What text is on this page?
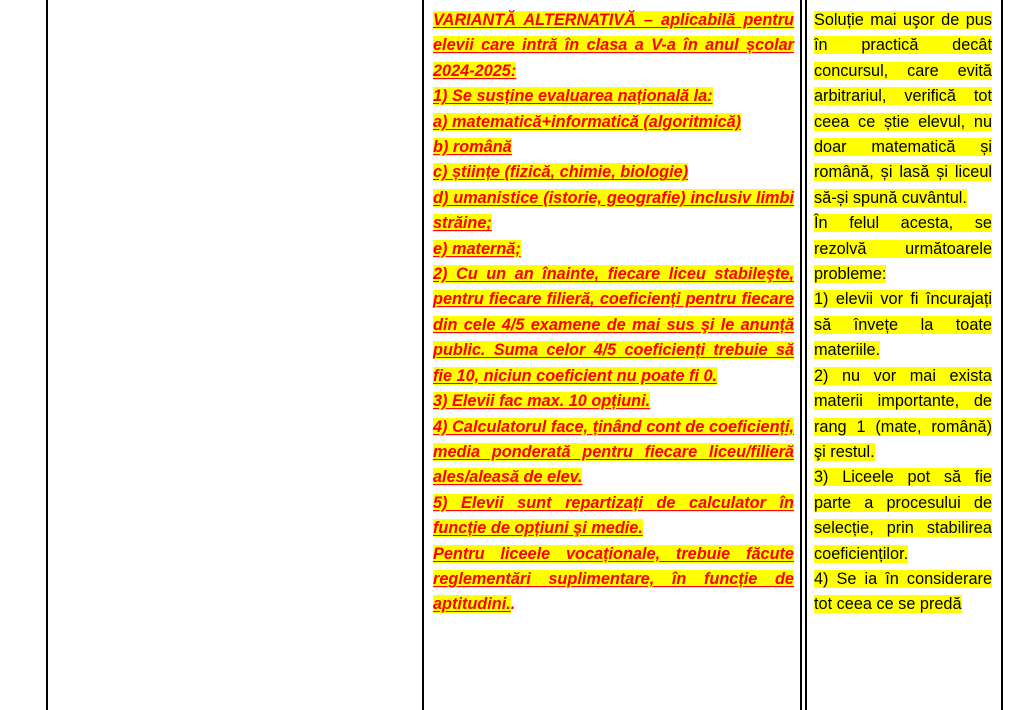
VARIANTĂ ALTERNATIVĂ – aplicabilă pentru elevii care intră în clasa a V-a în anul școlar 2024-2025:

1) Se susține evaluarea națională la:

a) matematică+informatică (algoritmică)

b) română

c) științe (fizică, chimie, biologie)

d) umanistice (istorie, geografie) inclusiv limbi străine;

e) maternă;

2) Cu un an înainte, fiecare liceu stabileşte, pentru fiecare filieră, coeficienți pentru fiecare din cele 4/5 examene de mai sus şi le anunță public. Suma celor 4/5 coeficienți trebuie să fie 10, niciun coeficient nu poate fi 0.

3) Elevii fac max. 10 opțiuni.

4) Calculatorul face, ținând cont de coeficienți, media ponderată pentru fiecare liceu/filieră ales/aleasă de elev.

5) Elevii sunt repartizați de calculator în funcție de opțiuni şi medie.

Pentru liceele vocaționale, trebuie făcute reglementări suplimentare, în funcție de aptitudini..

Soluție mai uşor de pus în practică decât concursul, care evită arbitrariul, verifică tot ceea ce știe elevul, nu doar matematică și română, și lasă și liceul să-și spună cuvântul.

În felul acesta, se rezolvă următoarele probleme:

1) elevii vor fi încurajați să învețe la toate materiile.

2) nu vor mai exista materii importante, de rang 1 (mate, română) şi restul.

3) Liceele pot să fie parte a procesului de selecție, prin stabilirea coeficienților.

4) Se ia în considerare tot ceea ce se predă
